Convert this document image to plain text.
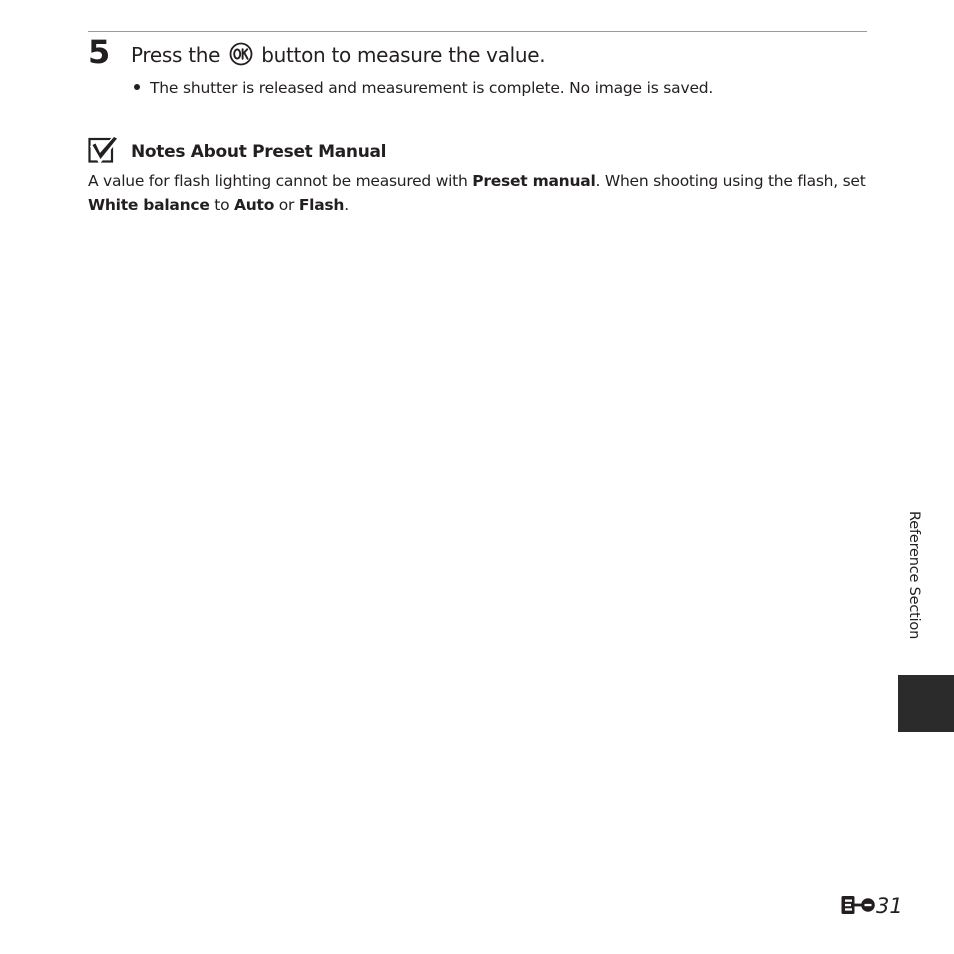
5 Press the  button to measure the value.
The shutter is released and measurement is complete. No image is saved.
Notes About Preset Manual
A value for flash lighting cannot be measured with Preset manual. When shooting using the flash, set White balance to Auto or Flash.
Reference Section
31
